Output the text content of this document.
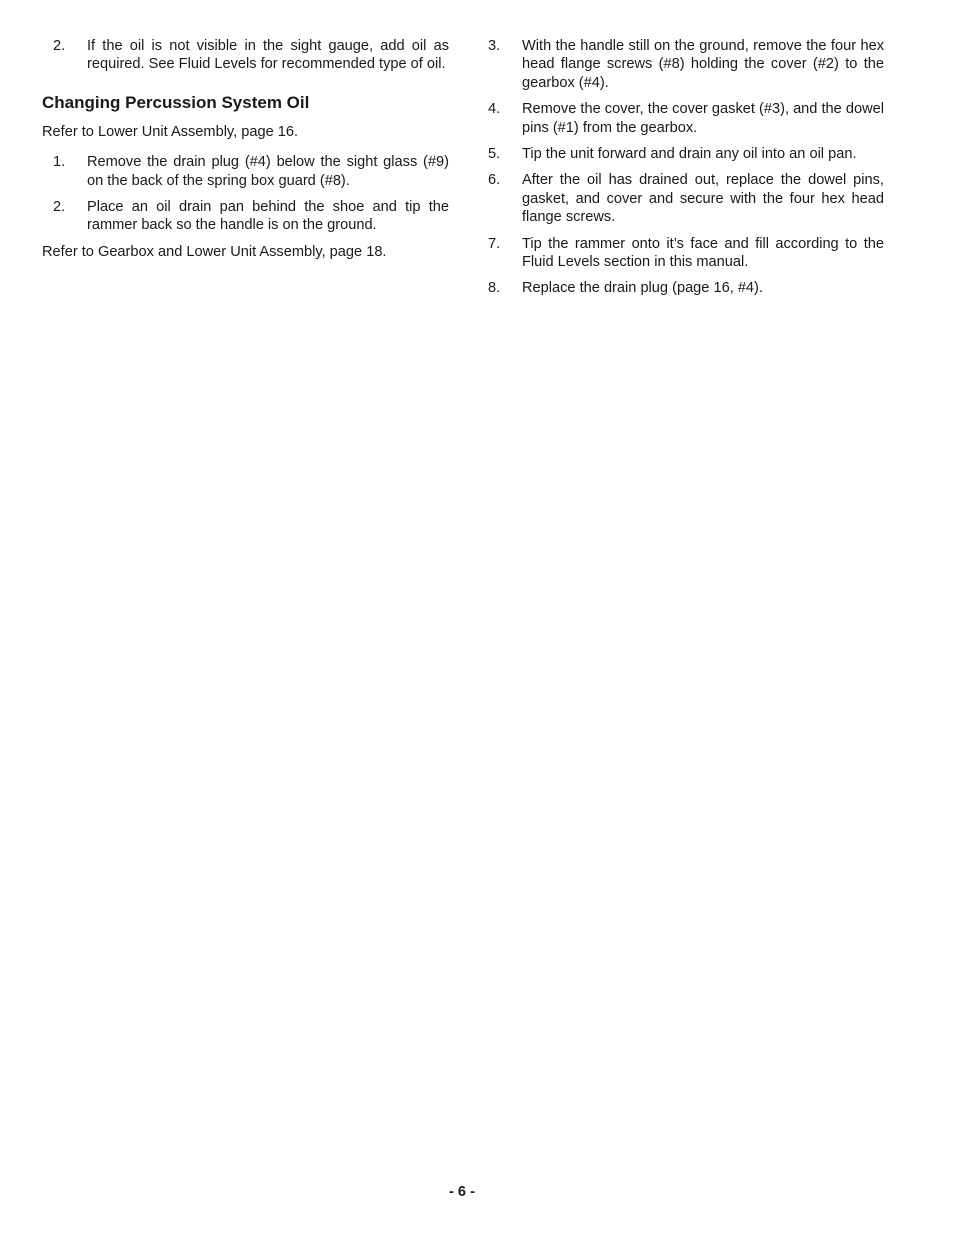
2.	If the oil is not visible in the sight gauge, add oil as required. See Fluid Levels for recommended type of oil.
Changing Percussion System Oil
Refer to Lower Unit Assembly, page 16.
1.	Remove the drain plug (#4) below the sight glass (#9) on the back of the spring box guard (#8).
2.	Place an oil drain pan behind the shoe and tip the rammer back so the handle is on the ground.
Refer to Gearbox and Lower Unit Assembly, page 18.
3.	With the handle still on the ground, remove the four hex head flange screws (#8) holding the cover (#2) to the gearbox (#4).
4.	Remove the cover, the cover gasket (#3), and the dowel pins (#1) from the gearbox.
5.	Tip the unit forward and drain any oil into an oil pan.
6.	After the oil has drained out, replace the dowel pins, gasket, and cover and secure with the four hex head flange screws.
7.	Tip the rammer onto it’s face and fill according to the Fluid Levels section in this manual.
8.	Replace the drain plug (page 16, #4).
- 6 -
